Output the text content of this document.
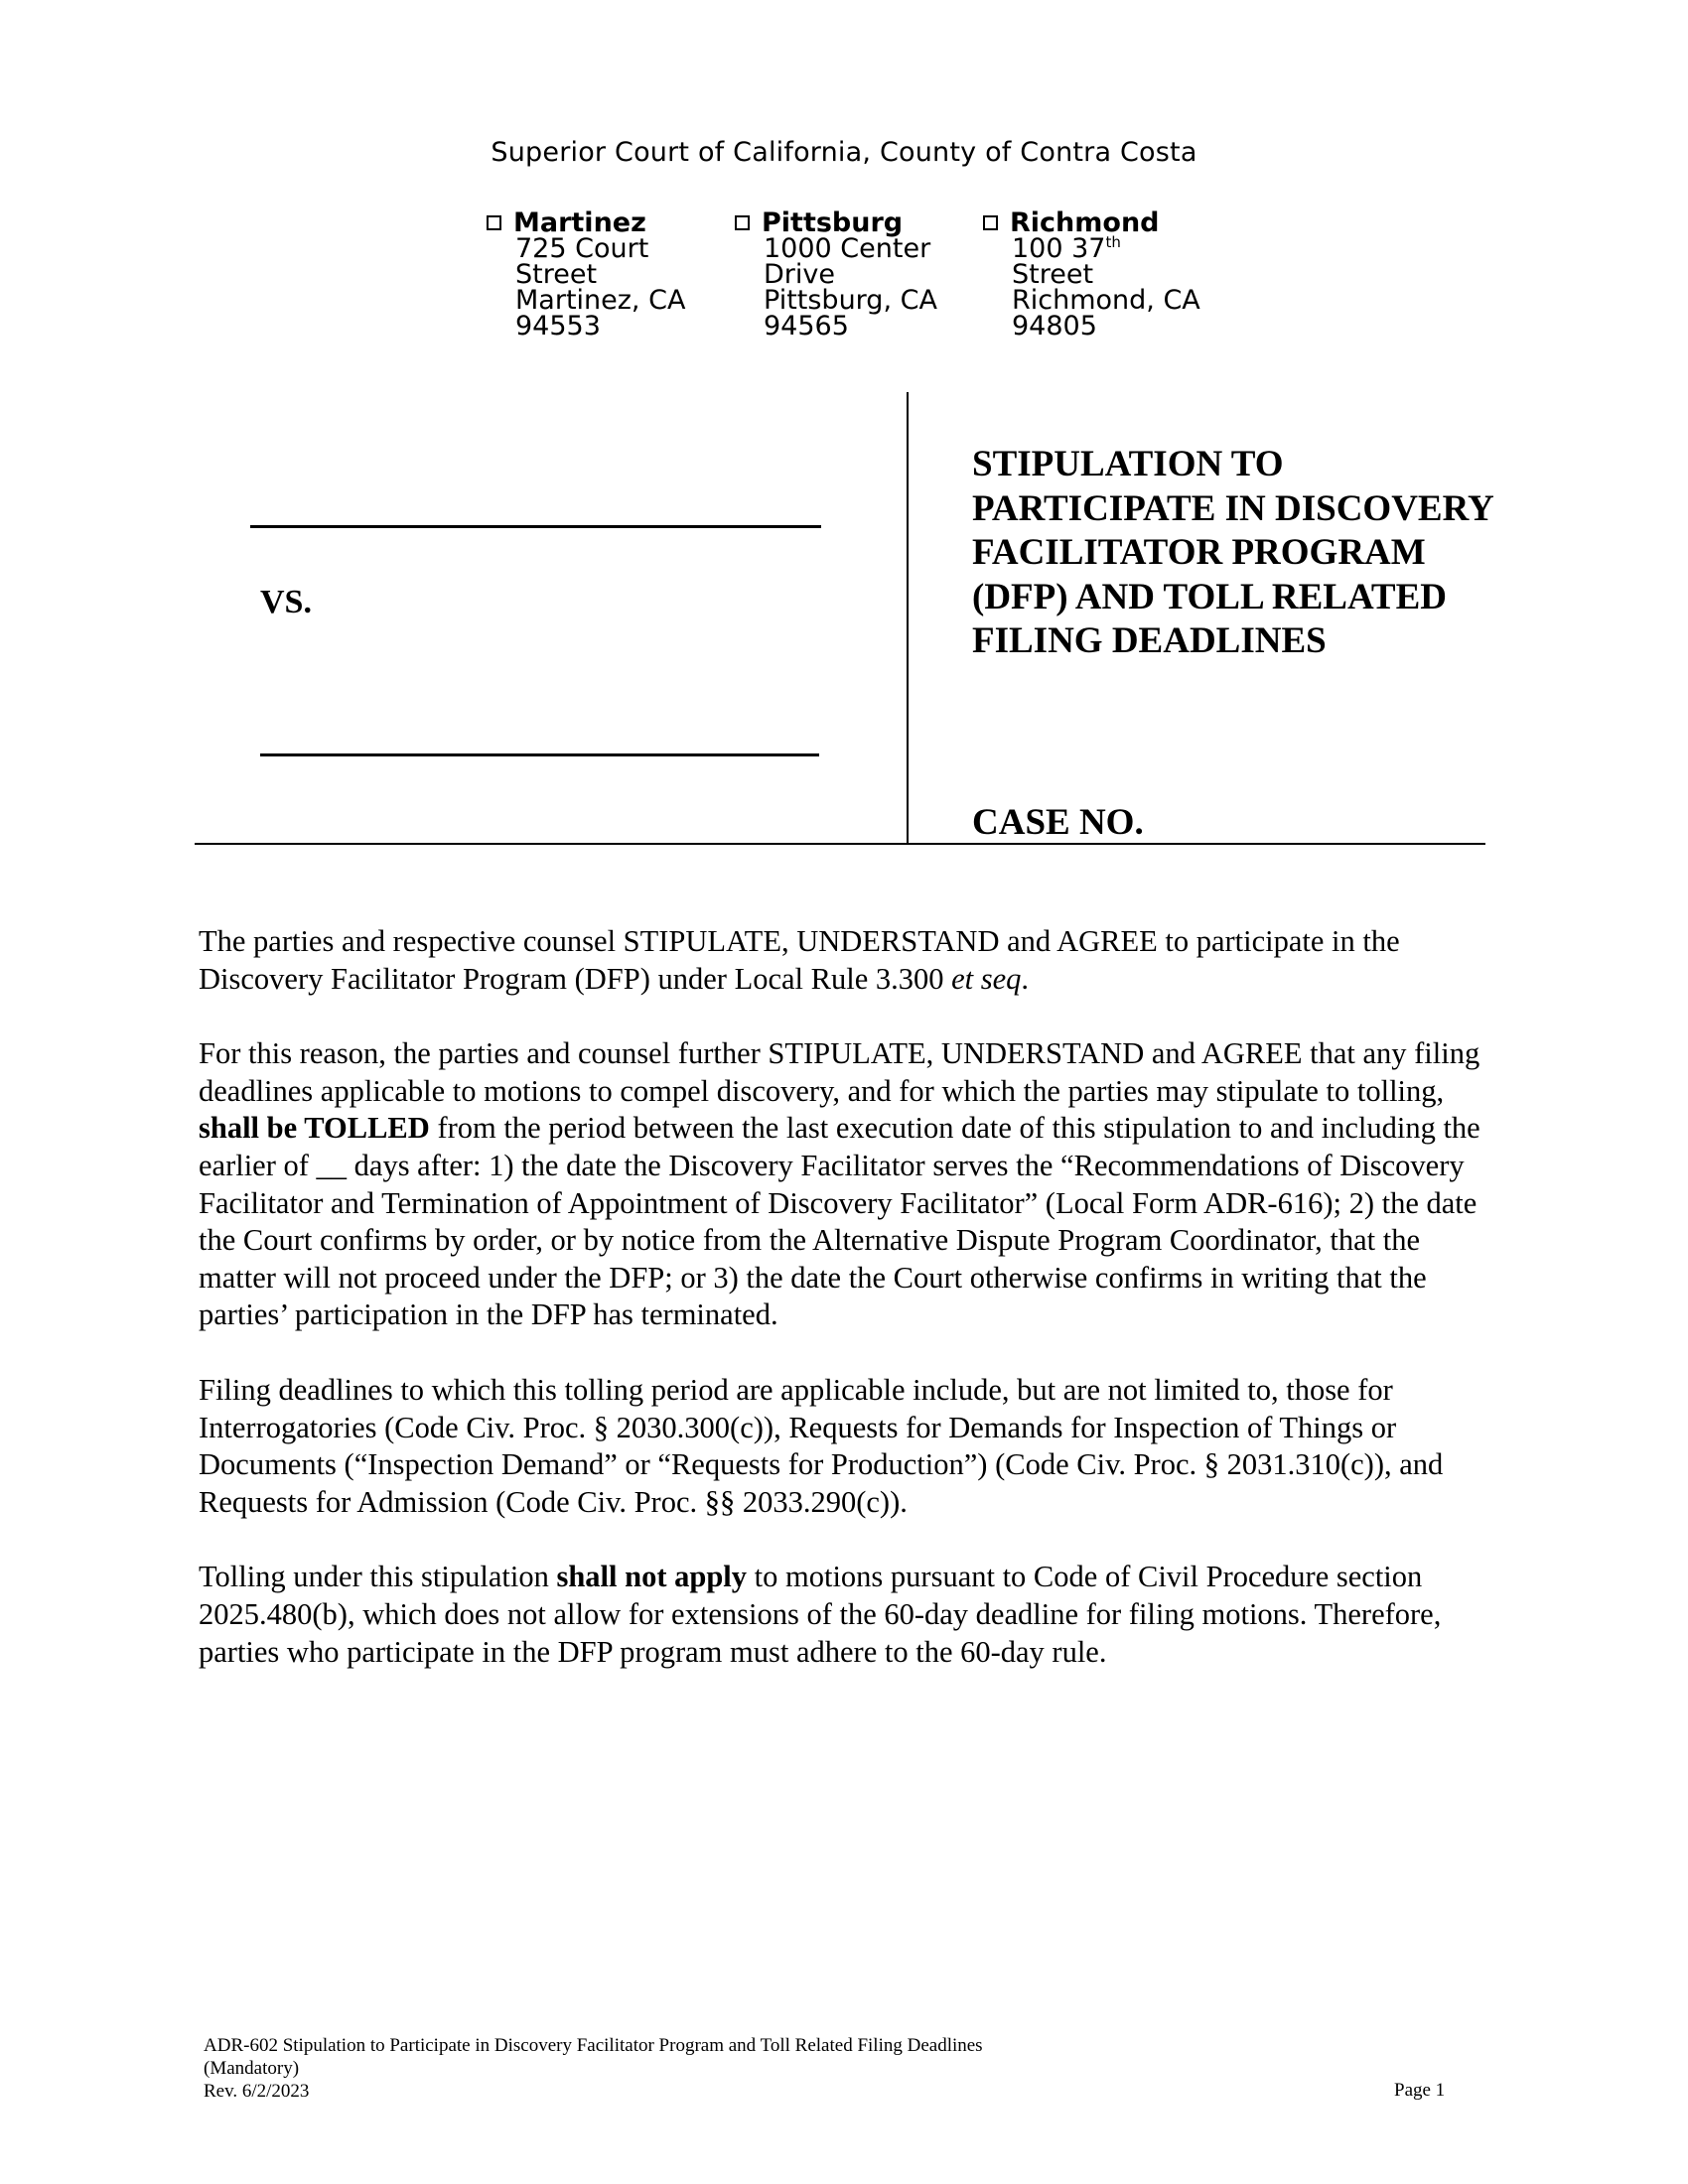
Superior Court of California, County of Contra Costa
Martinez
725 Court
Street
Martinez, CA
94553
Pittsburg
1000 Center
Drive
Pittsburg, CA
94565
Richmond
100 37th
Street
Richmond, CA
94805
VS.
STIPULATION TO PARTICIPATE IN DISCOVERY FACILITATOR PROGRAM (DFP) AND TOLL RELATED FILING DEADLINES
CASE NO.

The parties and respective counsel STIPULATE, UNDERSTAND and AGREE to participate in the Discovery Facilitator Program (DFP) under Local Rule 3.300 et seq.

For this reason, the parties and counsel further STIPULATE, UNDERSTAND and AGREE that any filing deadlines applicable to motions to compel discovery, and for which the parties may stipulate to tolling, shall be TOLLED from the period between the last execution date of this stipulation to and including the earlier of __ days after: 1) the date the Discovery Facilitator serves the “Recommendations of Discovery Facilitator and Termination of Appointment of Discovery Facilitator” (Local Form ADR-616); 2) the date the Court confirms by order, or by notice from the Alternative Dispute Program Coordinator, that the matter will not proceed under the DFP; or 3) the date the Court otherwise confirms in writing that the parties’ participation in the DFP has terminated.

Filing deadlines to which this tolling period are applicable include, but are not limited to, those for Interrogatories (Code Civ. Proc. § 2030.300(c)), Requests for Demands for Inspection of Things or Documents (“Inspection Demand” or “Requests for Production”) (Code Civ. Proc. § 2031.310(c)), and Requests for Admission (Code Civ. Proc. §§ 2033.290(c)).

Tolling under this stipulation shall not apply to motions pursuant to Code of Civil Procedure section 2025.480(b), which does not allow for extensions of the 60-day deadline for filing motions. Therefore, parties who participate in the DFP program must adhere to the 60-day rule.

ADR-602 Stipulation to Participate in Discovery Facilitator Program and Toll Related Filing Deadlines
(Mandatory)
Rev. 6/2/2023	Page 1
